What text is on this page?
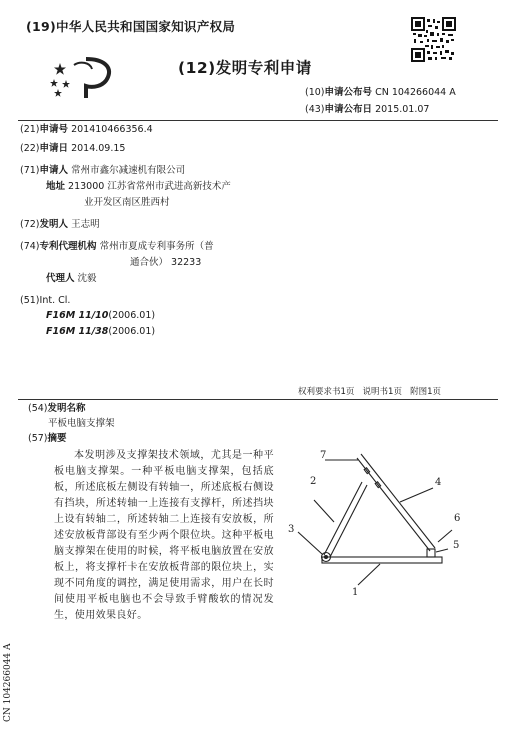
(19)中华人民共和国国家知识产权局
(12)发明专利申请
(10)申请公布号 CN 104266044 A
(43)申请公布日 2015.01.07
(21)申请号 201410466356.4
(22)申请日 2014.09.15
(71)申请人 常州市鑫尔减速机有限公司
地址 213000 江苏省常州市武进高新技术产
业开发区南区胜西村
(72)发明人 王志明
(74)专利代理机构 常州市夏成专利事务所（普
通合伙） 32233
代理人 沈毅
(51)Int. Cl.
F16M 11/10(2006.01)
F16M 11/38(2006.01)
权利要求书1页 说明书1页 附图1页
(54)发明名称
平板电脑支撑架
(57)摘要
本发明涉及支撑架技术领域，尤其是一种平板电脑支撑架。一种平板电脑支撑架，包括底板，所述底板左侧设有转轴一，所述底板右侧设有挡块，所述转轴一上连接有支撑杆，所述挡块上设有转轴二，所述转轴二上连接有安放板，所述安放板背部设有至少两个限位块。这种平板电脑支撑架在使用的时候，将平板电脑放置在安放板上，将支撑杆卡在安放板背部的限位块上，实现不同角度的调控，满足使用需求，用户在长时间使用平板电脑也不会导致手臂酸软的情况发生，使用效果良好。
1
2
3
4
5
6
7
CN 104266044 A
